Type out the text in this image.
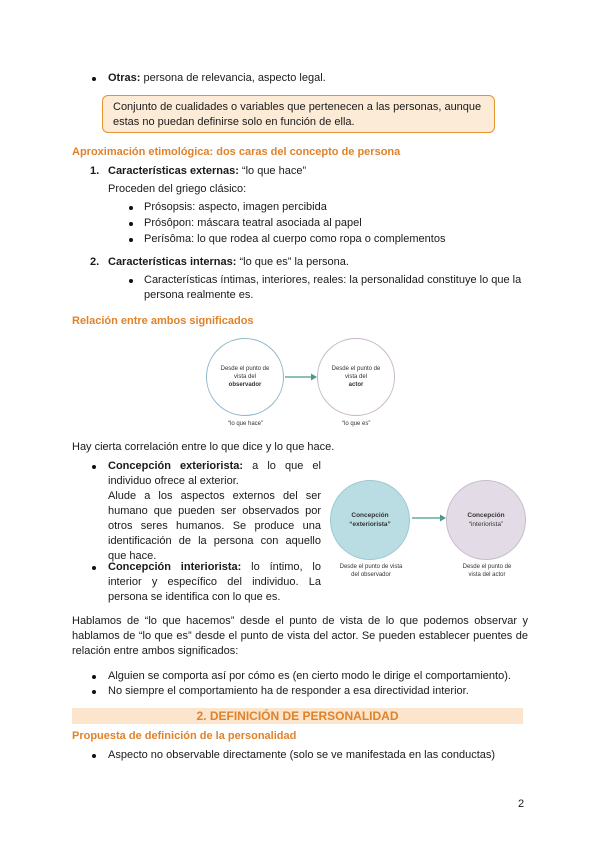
Otras: persona de relevancia, aspecto legal.
Conjunto de cualidades o variables que pertenecen a las personas, aunque estas no puedan definirse solo en función de ella.
Aproximación etimológica: dos caras del concepto de persona
1. Características externas: “lo que hace”
Proceden del griego clásico:
Prósopsis: aspecto, imagen percibida
Prósôpon: máscara teatral asociada al papel
Perísôma: lo que rodea al cuerpo como ropa o complementos
2. Características internas: “lo que es” la persona.
Características íntimas, interiores, reales: la personalidad constituye lo que la persona realmente es.
Relación entre ambos significados
Desde el punto de vista del
observador
Desde el punto de vista del
actor
“lo que hace”	“lo que es”
Hay cierta correlación entre lo que dice y lo que hace.
Concepción exteriorista: a lo que el individuo ofrece al exterior.
Alude a los aspectos externos del ser humano que pueden ser observados por otros seres humanos. Se produce una identificación de la persona con aquello que hace.
Concepción interiorista: lo íntimo, lo interior y específico del individuo. La persona se identifica con lo que es.
Concepción
“exteriorista”
Concepción
“interiorista”
Desde el punto de vista del observador
Desde el punto de vista del actor
Hablamos de “lo que hacemos” desde el punto de vista de lo que podemos observar y hablamos de “lo que es” desde el punto de vista del actor. Se pueden establecer puentes de relación entre ambos significados:
Alguien se comporta así por cómo es (en cierto modo le dirige el comportamiento).
No siempre el comportamiento ha de responder a esa directividad interior.
2. DEFINICIÓN DE PERSONALIDAD
Propuesta de definición de la personalidad
Aspecto no observable directamente (solo se ve manifestada en las conductas)
2
